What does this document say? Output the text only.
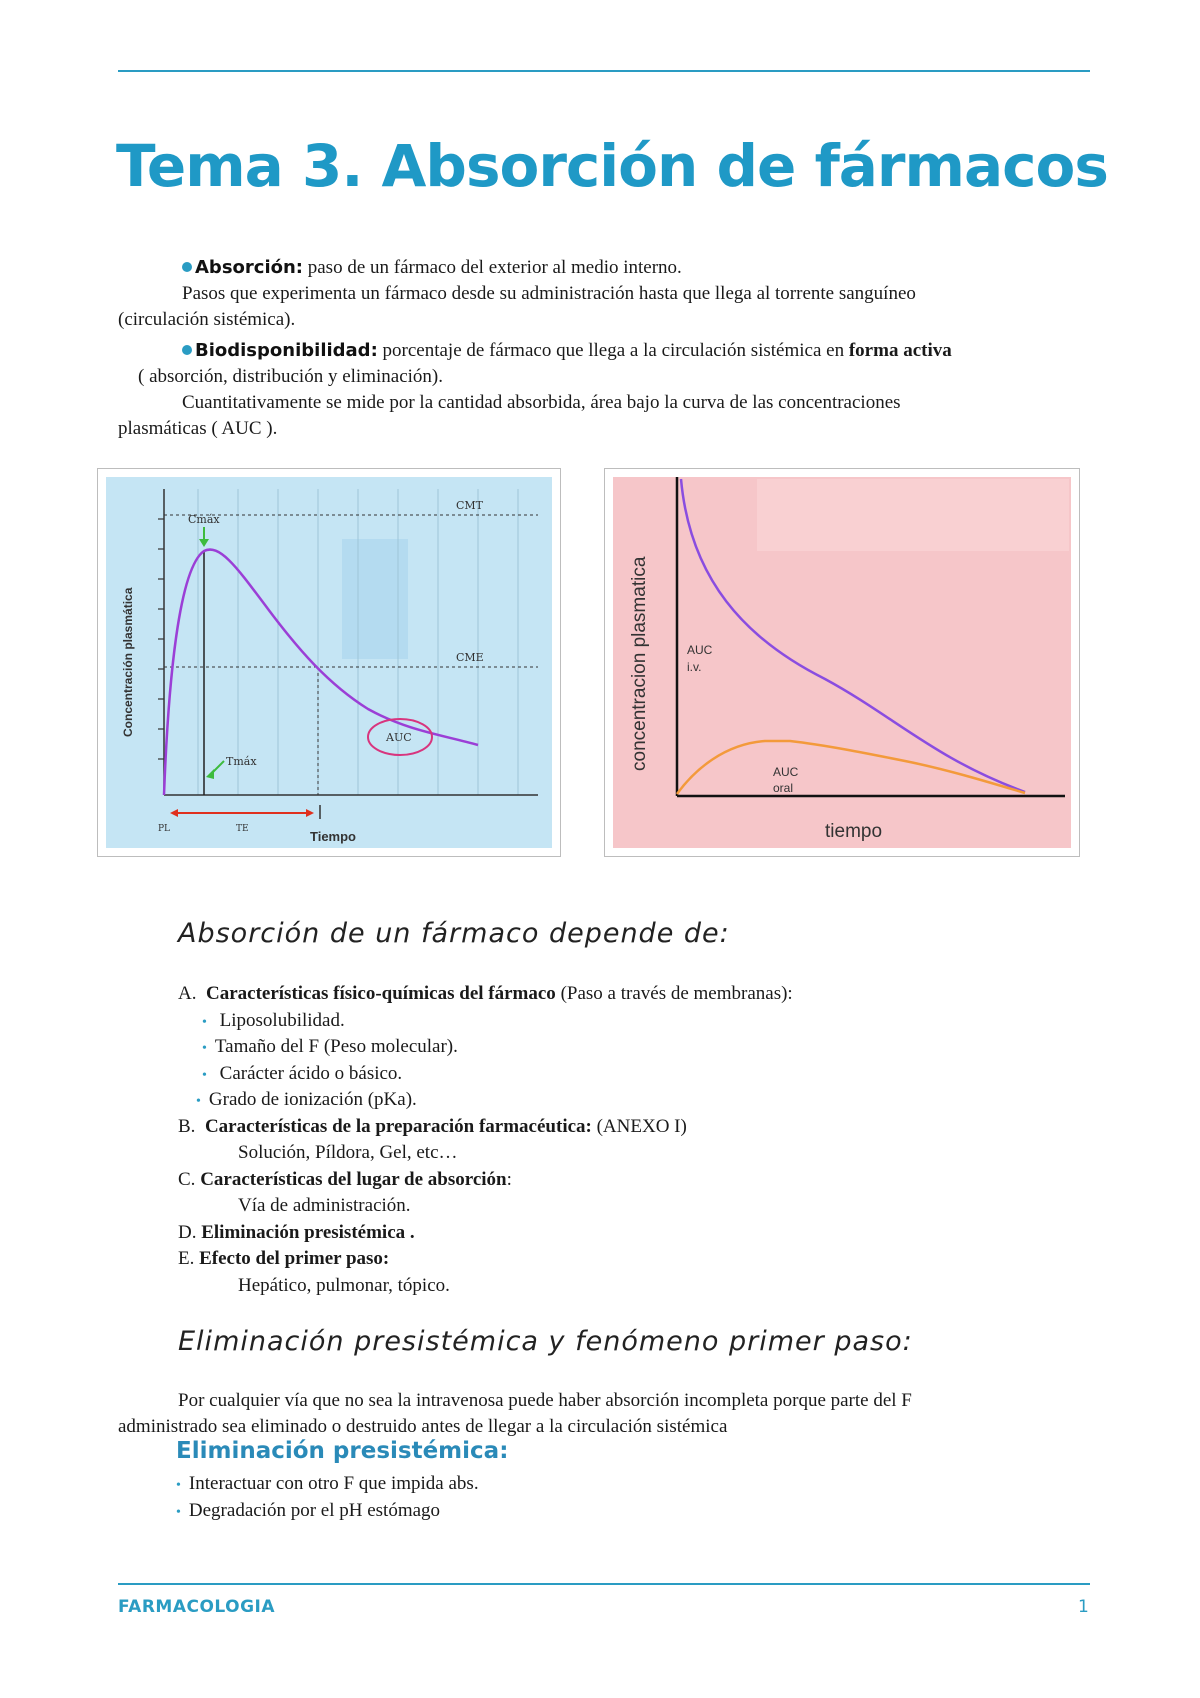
Tema 3. Absorción de fármacos
Absorción: paso de un fármaco del exterior al medio interno.
Pasos que experimenta un fármaco desde su administración hasta que llega al torrente sanguíneo
(circulación sistémica).
Biodisponibilidad: porcentaje de fármaco que llega a la circulación sistémica en forma activa
( absorción, distribución y eliminación).
Cuantitativamente se mide por la cantidad absorbida, área bajo la curva de las concentraciones
plasmáticas ( AUC ).
CMT
CME
Cmáx
Tmáx
AUC
PL	TE	Tiempo
Concentración plasmática	AUC
i.v.
AUC
oral
tiempo
concentracion plasmatica
Absorción de un fármaco depende de:
A. Características físico-químicas del fármaco (Paso a través de membranas):
• Liposolubilidad.
• Tamaño del F (Peso molecular).
• Carácter ácido o básico.
• Grado de ionización (pKa).
B. Características de la preparación farmacéutica: (ANEXO I)
Solución, Píldora, Gel, etc…
C. Características del lugar de absorción:
Vía de administración.
D. Eliminación presistémica .
E. Efecto del primer paso:
Hepático, pulmonar, tópico.
Eliminación presistémica y fenómeno primer paso:
Por cualquier vía que no sea la intravenosa puede haber absorción incompleta porque parte del F
administrado sea eliminado o destruido antes de llegar a la circulación sistémica
Eliminación presistémica:
• Interactuar con otro F que impida abs.
• Degradación por el pH estómago
FARMACOLOGIA	1
